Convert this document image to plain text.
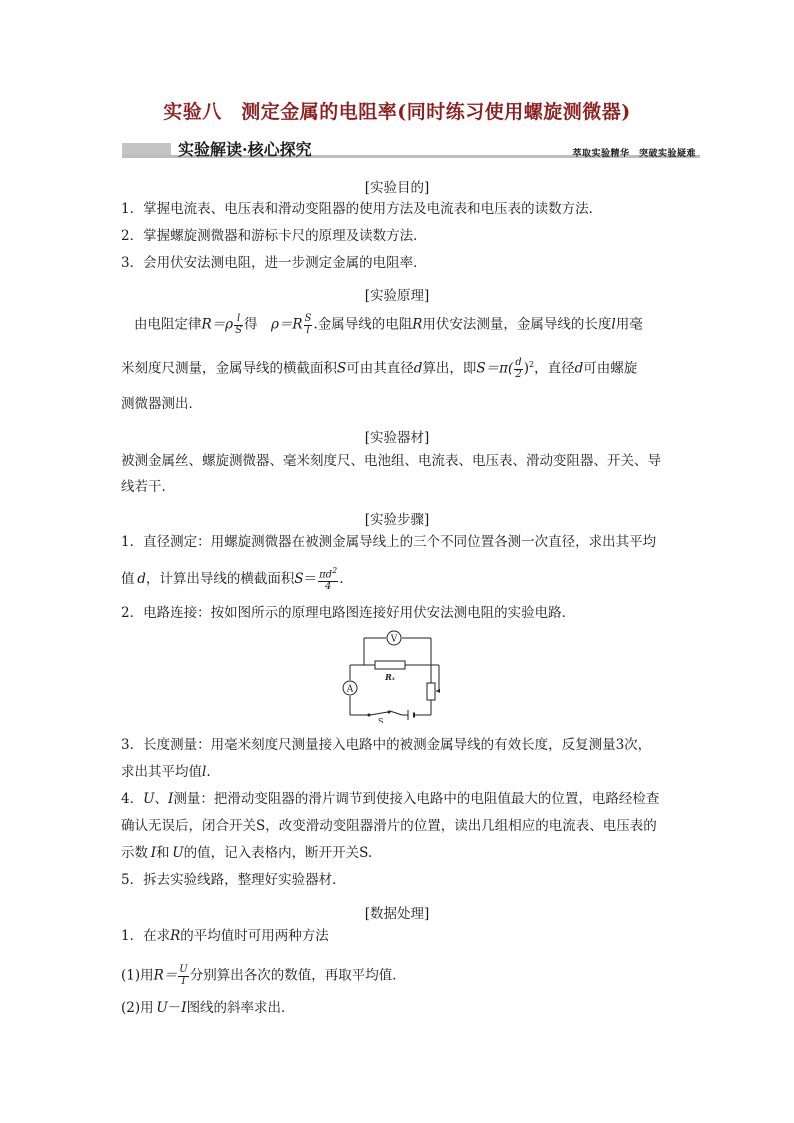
实验八　测定金属的电阻率(同时练习使用螺旋测微器)
实验解读·核心探究	萃取实验精华　突破实验疑难
[实验目的]
1．掌握电流表、电压表和滑动变阻器的使用方法及电流表和电压表的读数方法．
2．掌握螺旋测微器和游标卡尺的原理及读数方法．
3．会用伏安法测电阻，进一步测定金属的电阻率．
[实验原理]
由电阻定律$R=\rho \frac{l}{S}$ 得　 $\rho=R \frac{S}{l}$ .金属导线的电阻R用伏安法测量，金属导线的长度l用毫
米刻度尺测量，金属导线的横截面积S可由其直径d算出，即$S=\pi( \frac{d}{2} )^2$，直径d可由螺旋
测微器测出．
[实验器材]
被测金属丝、螺旋测微器、毫米刻度尺、电池组、电流表、电压表、滑动变阻器、开关、导
线若干．
[实验步骤]
1．直径测定：用螺旋测微器在被测金属导线上的三个不同位置各测一次直径，求出其平均
值  d，计算出导线的横截面积$S= \frac{\pi d^2}{4}$ .
2．电路连接：按如图所示的原理电路图连接好用伏安法测电阻的实验电路．
V
Rₓ
A
S
3．长度测量：用毫米刻度尺测量接入电路中的被测金属导线的有效长度，反复测量3次，
求出其平均值l.
4．U、I测量：把滑动变阻器的滑片调节到使接入电路中的电阻值最大的位置，电路经检查
确认无误后，闭合开关S，改变滑动变阻器滑片的位置，读出几组相应的电流表、电压表的
示数  I和  U的值，记入表格内，断开开关S.
5．拆去实验线路，整理好实验器材．
[数据处理]
1．在求R的平均值时可用两种方法
(1)用$R= \frac{U}{I}$ 分别算出各次的数值，再取平均值．
(2)用  U－I图线的斜率求出．
